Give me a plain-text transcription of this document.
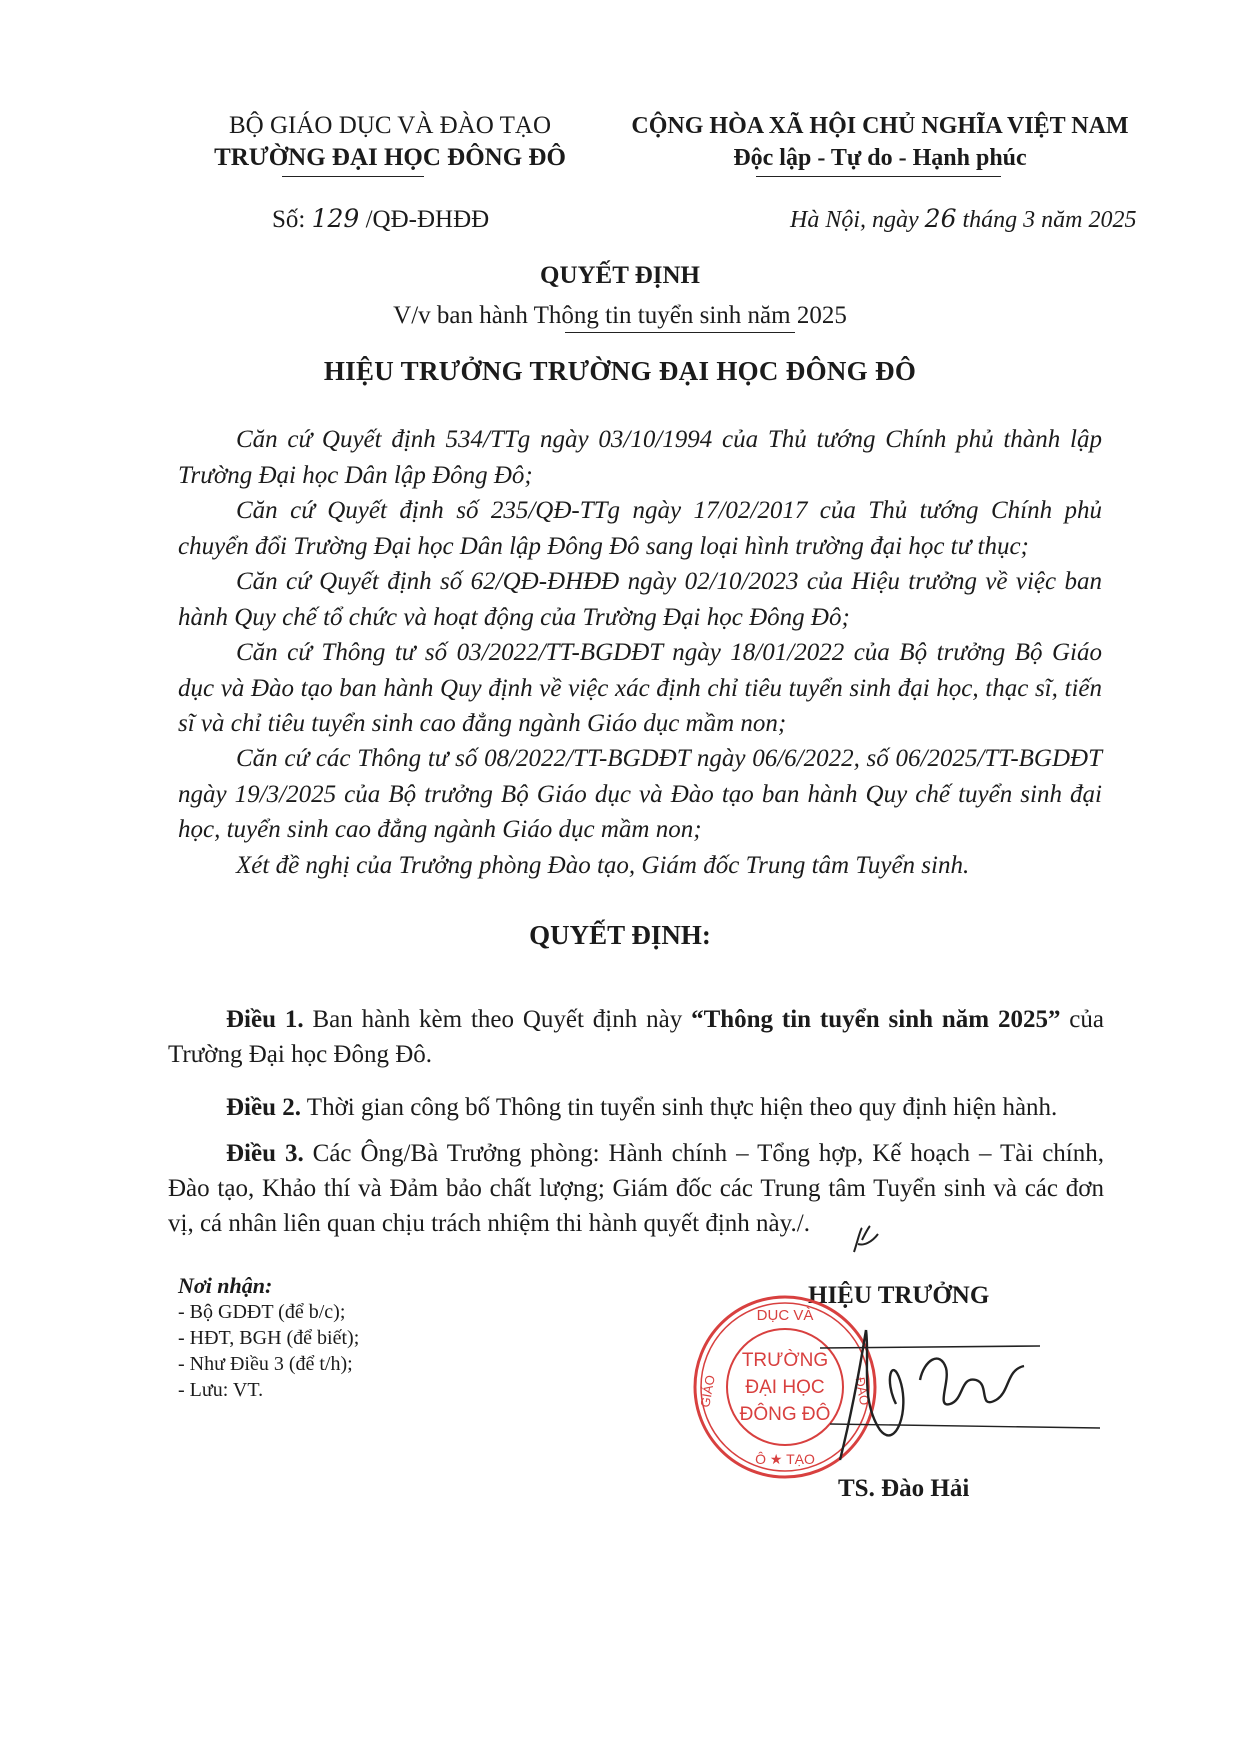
BỘ GIÁO DỤC VÀ ĐÀO TẠO
TRƯỜNG ĐẠI HỌC ĐÔNG ĐÔ
CỘNG HÒA XÃ HỘI CHỦ NGHĨA VIỆT NAM
Độc lập - Tự do - Hạnh phúc
Số: 129 /QĐ-ĐHĐĐ	Hà Nội, ngày 26 tháng 3 năm 2025
QUYẾT ĐỊNH
V/v ban hành Thông tin tuyển sinh năm 2025
HIỆU TRƯỞNG TRƯỜNG ĐẠI HỌC ĐÔNG ĐÔ
Căn cứ Quyết định 534/TTg ngày 03/10/1994 của Thủ tướng Chính phủ thành lập Trường Đại học Dân lập Đông Đô;
Căn cứ Quyết định số 235/QĐ-TTg ngày 17/02/2017 của Thủ tướng Chính phủ chuyển đổi Trường Đại học Dân lập Đông Đô sang loại hình trường đại học tư thục;
Căn cứ Quyết định số 62/QĐ-ĐHĐĐ ngày 02/10/2023 của Hiệu trưởng về việc ban hành Quy chế tổ chức và hoạt động của Trường Đại học Đông Đô;
Căn cứ Thông tư số 03/2022/TT-BGDĐT ngày 18/01/2022 của Bộ trưởng Bộ Giáo dục và Đào tạo ban hành Quy định về việc xác định chỉ tiêu tuyển sinh đại học, thạc sĩ, tiến sĩ và chỉ tiêu tuyển sinh cao đẳng ngành Giáo dục mầm non;
Căn cứ các Thông tư số 08/2022/TT-BGDĐT ngày 06/6/2022, số 06/2025/TT-BGDĐT ngày 19/3/2025 của Bộ trưởng Bộ Giáo dục và Đào tạo ban hành Quy chế tuyển sinh đại học, tuyển sinh cao đẳng ngành Giáo dục mầm non;
Xét đề nghị của Trưởng phòng Đào tạo, Giám đốc Trung tâm Tuyển sinh.
QUYẾT ĐỊNH:
Điều 1. Ban hành kèm theo Quyết định này “Thông tin tuyển sinh năm 2025” của Trường Đại học Đông Đô.
Điều 2. Thời gian công bố Thông tin tuyển sinh thực hiện theo quy định hiện hành.
Điều 3. Các Ông/Bà Trưởng phòng: Hành chính – Tổng hợp, Kế hoạch – Tài chính, Đào tạo, Khảo thí và Đảm bảo chất lượng; Giám đốc các Trung tâm Tuyển sinh và các đơn vị, cá nhân liên quan chịu trách nhiệm thi hành quyết định này./.
Nơi nhận:
- Bộ GDĐT (để b/c);
- HĐT, BGH (để biết);
- Như Điều 3 (để t/h);
- Lưu: VT.
HIỆU TRƯỞNG
DỤC VÀ
GIÁO	ĐÀO
TRƯỜNG
ĐẠI HỌC
ĐÔNG ĐÔ
Ô ★ TẠO
TS. Đào Hải
